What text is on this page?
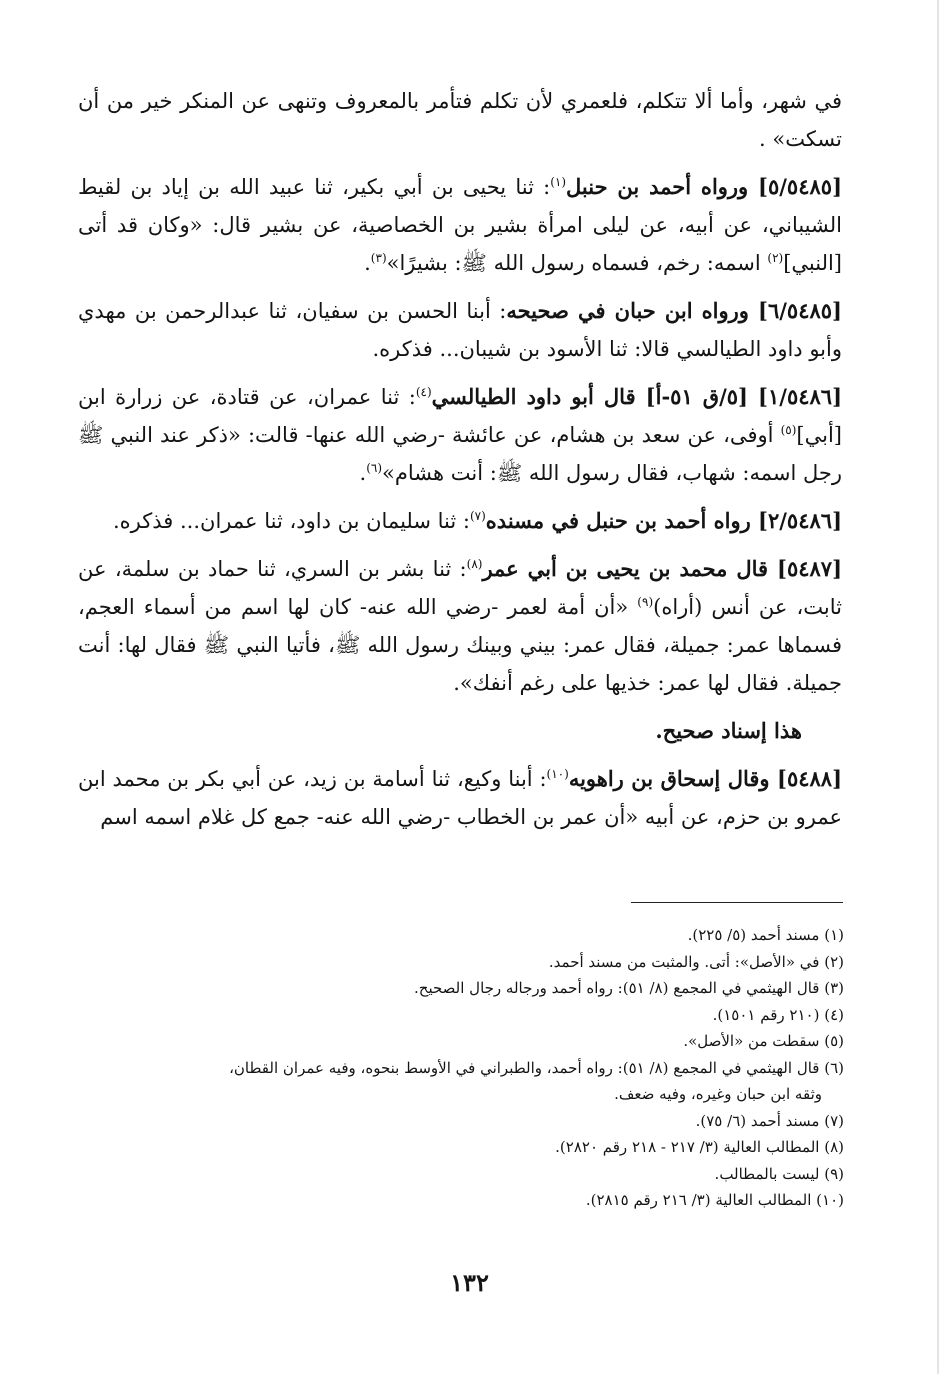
في شهر، وأما ألا تتكلم، فلعمري لأن تكلم فتأمر بالمعروف وتنهى عن المنكر خير من أن تسكت» .

[٥/٥٤٨٥] ورواه أحمد بن حنبل$^{(١)}$: ثنا يحيى بن أبي بكير، ثنا عبيد الله بن إياد بن لقيط الشيباني، عن أبيه، عن ليلى امرأة بشير بن الخصاصية، عن بشير قال: «وكان قد أتى [النبي]$^{(٢)}$ اسمه: رخم، فسماه رسول الله ﷺ: بشيرًا»$^{(٣)}$.

[٦/٥٤٨٥] ورواه ابن حبان في صحيحه: أبنا الحسن بن سفيان، ثنا عبدالرحمن بن مهدي وأبو داود الطيالسي قالا: ثنا الأسود بن شيبان... فذكره.

[١/٥٤٨٦] [٥/ق ٥١-أ] قال أبو داود الطيالسي$^{(٤)}$: ثنا عمران، عن قتادة، عن زرارة ابن [أبي]$^{(٥)}$ أوفى، عن سعد بن هشام، عن عائشة -رضي الله عنها- قالت: «ذكر عند النبي ﷺ رجل اسمه: شهاب، فقال رسول الله ﷺ: أنت هشام»$^{(٦)}$.

[٢/٥٤٨٦] رواه أحمد بن حنبل في مسنده$^{(٧)}$: ثنا سليمان بن داود، ثنا عمران... فذكره.

[٥٤٨٧] قال محمد بن يحيى بن أبي عمر$^{(٨)}$: ثنا بشر بن السري، ثنا حماد بن سلمة، عن ثابت، عن أنس (أراه)$^{(٩)}$ «أن أمة لعمر -رضي الله عنه- كان لها اسم من أسماء العجم، فسماها عمر: جميلة، فقال عمر: بيني وبينك رسول الله ﷺ، فأتيا النبي ﷺ فقال لها: أنت جميلة. فقال لها عمر: خذيها على رغم أنفك».

هذا إسناد صحيح.

[٥٤٨٨] وقال إسحاق بن راهويه$^{(١٠)}$: أبنا وكيع، ثنا أسامة بن زيد، عن أبي بكر بن محمد ابن عمرو بن حزم، عن أبيه «أن عمر بن الخطاب -رضي الله عنه- جمع كل غلام اسمه اسم

(١) مسند أحمد (٥/ ٢٢٥).

(٢) في «الأصل»: أتى. والمثبت من مسند أحمد.

(٣) قال الهيثمي في المجمع (٨/ ٥١): رواه أحمد ورجاله رجال الصحيح.

(٤) (٢١٠ رقم ١٥٠١).

(٥) سقطت من «الأصل».

(٦) قال الهيثمي في المجمع (٨/ ٥١): رواه أحمد، والطبراني في الأوسط بنحوه، وفيه عمران القطان،
وثقه ابن حبان وغيره، وفيه ضعف.

(٧) مسند أحمد (٦/ ٧٥).

(٨) المطالب العالية (٣/ ٢١٧ - ٢١٨ رقم ٢٨٢٠).

(٩) ليست بالمطالب.

(١٠) المطالب العالية (٣/ ٢١٦ رقم ٢٨١٥).

١٣٢
